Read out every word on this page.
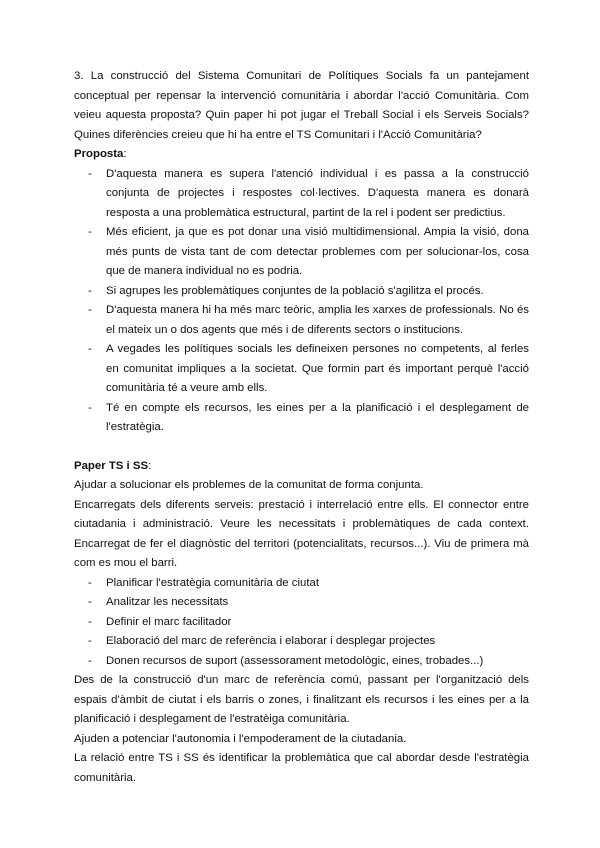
3. La construcció del Sistema Comunitari de Polítiques Socials fa un pantejament conceptual per repensar la intervenció comunitària i abordar l'acció Comunitària. Com veieu aquesta proposta? Quin paper hi pot jugar el Treball Social i els Serveis Socials? Quines diferències creieu que hi ha entre el TS Comunitari i l'Acció Comunitària?

Proposta:

- D'aquesta manera es supera l'atenció individual i es passa a la construcció conjunta de projectes i respostes col·lectives. D'aquesta manera es donarà resposta a una problemàtica estructural, partint de la rel i podent ser predictius.
- Més eficient, ja que es pot donar una visió multidimensional. Ampia la visió, dona més punts de vista tant de com detectar problemes com per solucionar-los, cosa que de manera individual no es podria.
- Si agrupes les problemàtiques conjuntes de la població s'agilitza el procés.
- D'aquesta manera hi ha més marc teòric, amplia les xarxes de professionals. No és el mateix un o dos agents que més i de diferents sectors o institucions.
- A vegades les polítiques socials les defineixen persones no competents, al ferles en comunitat impliques a la societat. Que formin part és important perquè l'acció comunitària té a veure amb ells.
- Té en compte els recursos, les eines per a la planificació i el desplegament de l'estratègia.

Paper TS i SS:

Ajudar a solucionar els problemes de la comunitat de forma conjunta.

Encarregats dels diferents serveis: prestació i interrelació entre ells. El connector entre ciutadania i administració. Veure les necessitats i problemàtiques de cada context. Encarregat de fer el diagnòstic del territori (potencialitats, recursos...). Viu de primera mà com es mou el barri.

- Planificar l'estratègia comunitària de ciutat
- Analitzar les necessitats
- Definir el marc facilitador
- Elaboració del marc de referència i elaborar i desplegar projectes
- Donen recursos de suport (assessorament metodològic, eines, trobades...)

Des de la construcció d'un marc de referència comú, passant per l'organització dels espais d'àmbit de ciutat i els barris o zones, i finalitzant els recursos i les eines per a la planificació i desplegament de l'estratèiga comunitària.

Ajuden a potenciar l'autonomia i l'empoderament de la ciutadania.

La relació entre TS i SS és identificar la problemàtica que cal abordar desde l'estratègia comunitària.
